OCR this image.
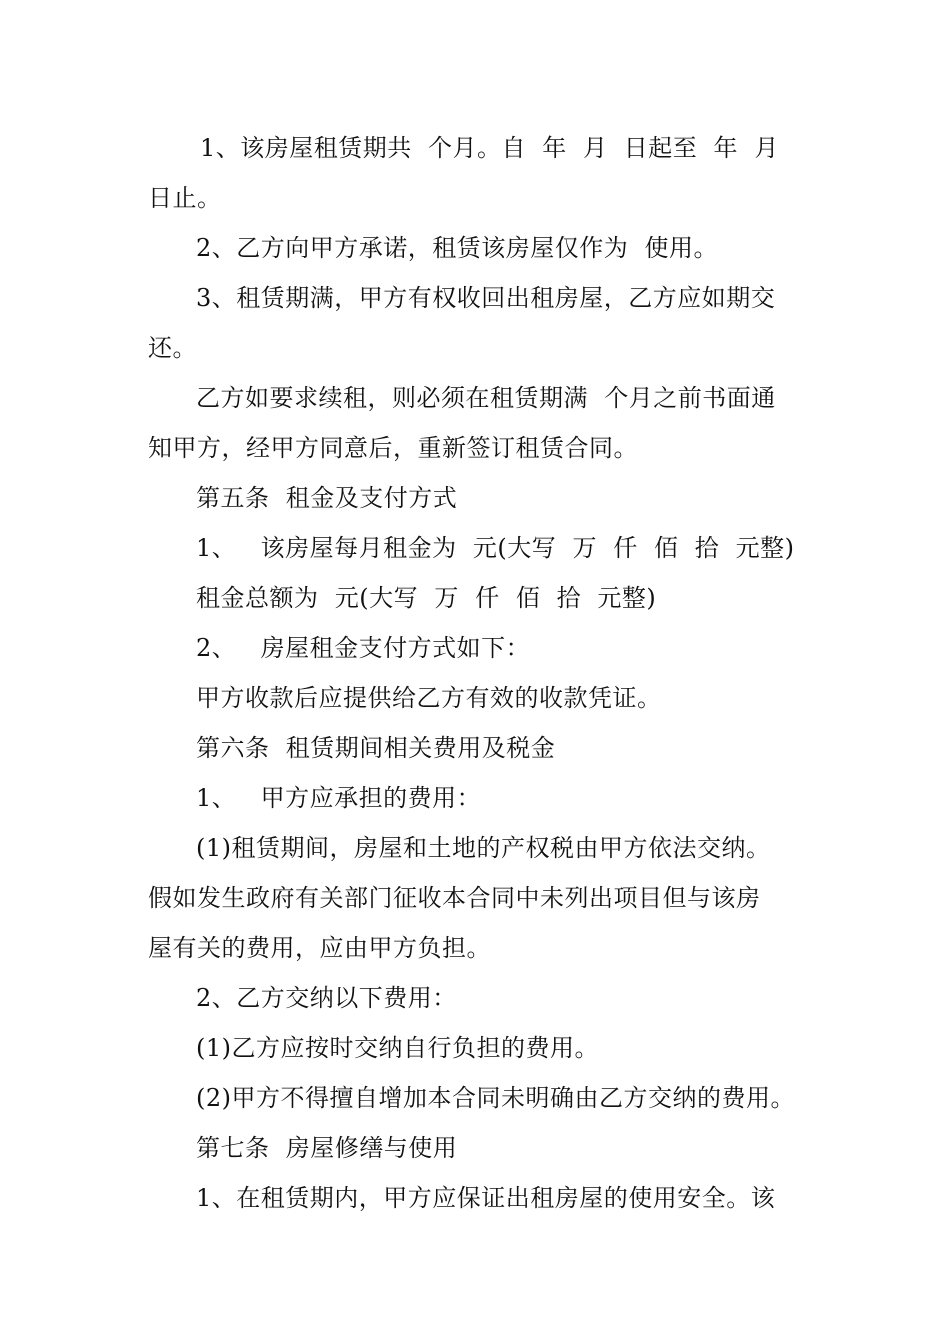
1、该房屋租赁期共  个月。自  年  月  日起至  年  月
日止。
2、乙方向甲方承诺，租赁该房屋仅作为  使用。
3、租赁期满，甲方有权收回出租房屋，乙方应如期交
还。
乙方如要求续租，则必须在租赁期满  个月之前书面通
知甲方，经甲方同意后，重新签订租赁合同。
第五条  租金及支付方式
1、   该房屋每月租金为  元(大写  万  仟  佰  拾  元整)
租金总额为  元(大写  万  仟  佰  拾  元整)
2、   房屋租金支付方式如下：
甲方收款后应提供给乙方有效的收款凭证。
第六条  租赁期间相关费用及税金
1、   甲方应承担的费用：
(1)租赁期间，房屋和土地的产权税由甲方依法交纳。
假如发生政府有关部门征收本合同中未列出项目但与该房
屋有关的费用，应由甲方负担。
2、乙方交纳以下费用：
(1)乙方应按时交纳自行负担的费用。
(2)甲方不得擅自增加本合同未明确由乙方交纳的费用。
第七条  房屋修缮与使用
1、在租赁期内，甲方应保证出租房屋的使用安全。该
